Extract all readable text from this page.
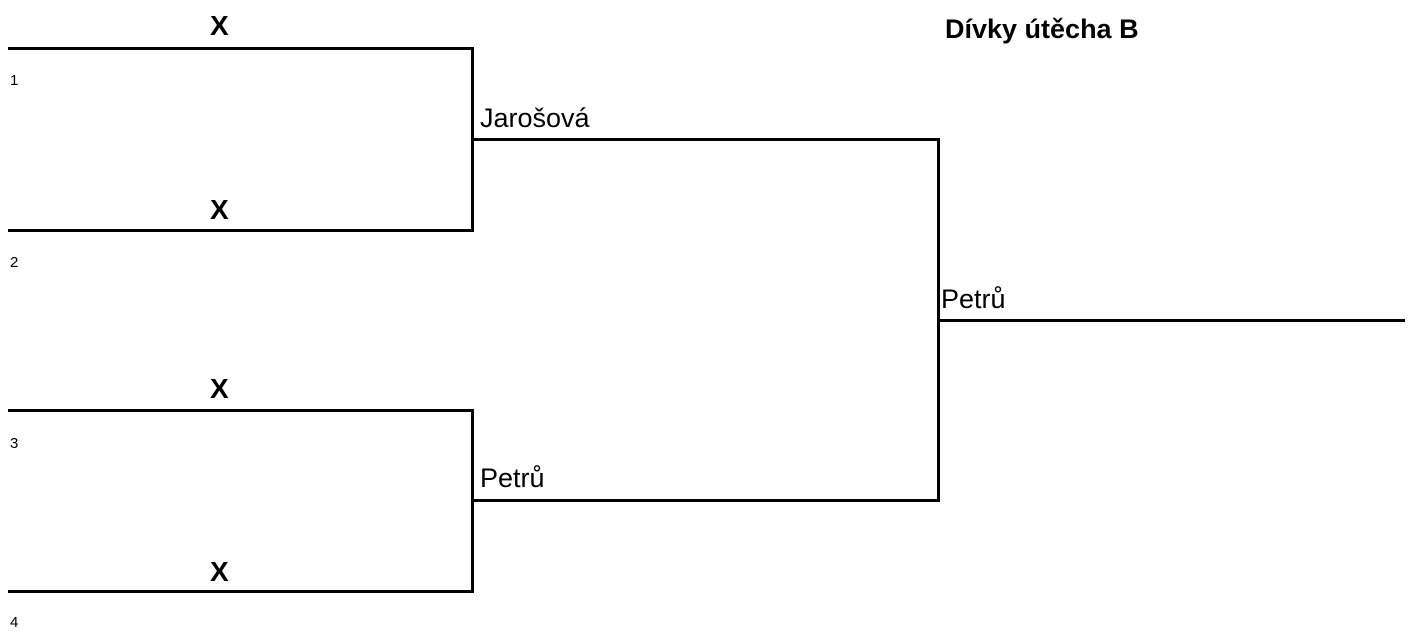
Dívky útěcha B
X
1
X
2
X
3
X
4
Jarošová
Petrů
Petrů
